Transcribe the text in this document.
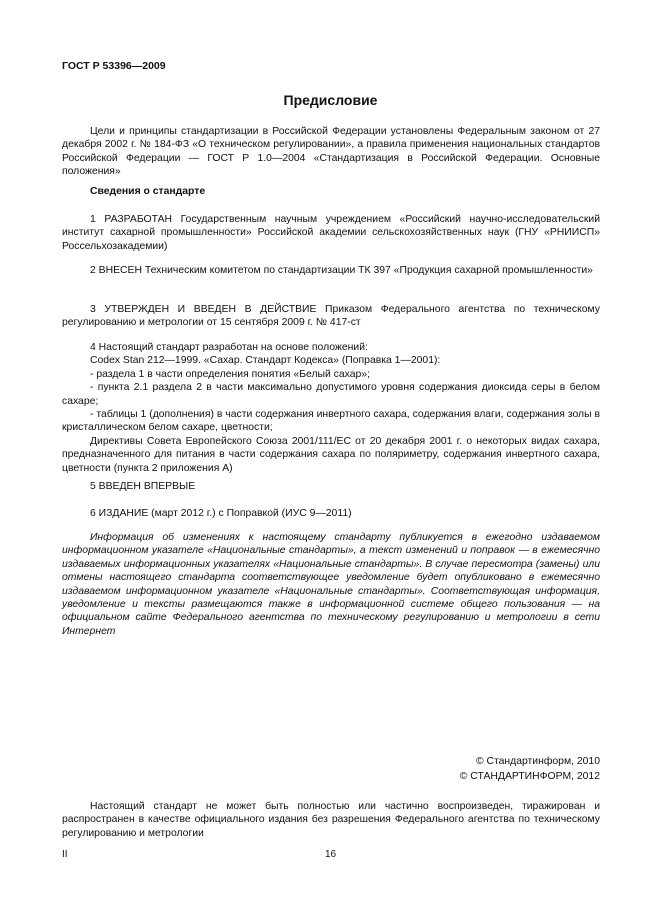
ГОСТ Р 53396—2009
Предисловие
Цели и принципы стандартизации в Российской Федерации установлены Федеральным законом от 27 декабря 2002 г. № 184-ФЗ «О техническом регулировании», а правила применения национальных стандартов Российской Федерации — ГОСТ Р 1.0—2004 «Стандартизация в Российской Федерации. Основные положения»
Сведения о стандарте
1 РАЗРАБОТАН Государственным научным учреждением «Российский научно-исследовательский институт сахарной промышленности» Российской академии сельскохозяйственных наук (ГНУ «РНИИСП» Россельхозакадемии)
2 ВНЕСЕН Техническим комитетом по стандартизации ТК 397 «Продукция сахарной промышленности»
3 УТВЕРЖДЕН И ВВЕДЕН В ДЕЙСТВИЕ Приказом Федерального агентства по техническому регулированию и метрологии от 15 сентября 2009 г. № 417-ст
4 Настоящий стандарт разработан на основе положений:
Codex Stan 212—1999. «Сахар. Стандарт Кодекса» (Поправка 1—2001):
- раздела 1 в части определения понятия «Белый сахар»;
- пункта 2.1 раздела 2 в части максимально допустимого уровня содержания диоксида серы в белом сахаре;
- таблицы 1 (дополнения) в части содержания инвертного сахара, содержания влаги, содержания золы в кристаллическом белом сахаре, цветности;
Директивы Совета Европейского Союза 2001/111/ЕС от 20 декабря 2001 г. о некоторых видах сахара, предназначенного для питания в части содержания сахара по поляриметру, содержания инвертного сахара, цветности (пункта 2 приложения А)
5 ВВЕДЕН ВПЕРВЫЕ
6 ИЗДАНИЕ (март 2012 г.) с Поправкой (ИУС 9—2011)
Информация об изменениях к настоящему стандарту публикуется в ежегодно издаваемом информационном указателе «Национальные стандарты», а текст изменений и поправок — в ежемесячно издаваемых информационных указателях «Национальные стандарты». В случае пересмотра (замены) или отмены настоящего стандарта соответствующее уведомление будет опубликовано в ежемесячно издаваемом информационном указателе «Национальные стандарты». Соответствующая информация, уведомление и тексты размещаются также в информационной системе общего пользования — на официальном сайте Федерального агентства по техническому регулированию и метрологии в сети Интернет
© Стандартинформ, 2010
© СТАНДАРТИНФОРМ, 2012
Настоящий стандарт не может быть полностью или частично воспроизведен, тиражирован и распространен в качестве официального издания без разрешения Федерального агентства по техническому регулированию и метрологии
II	16
